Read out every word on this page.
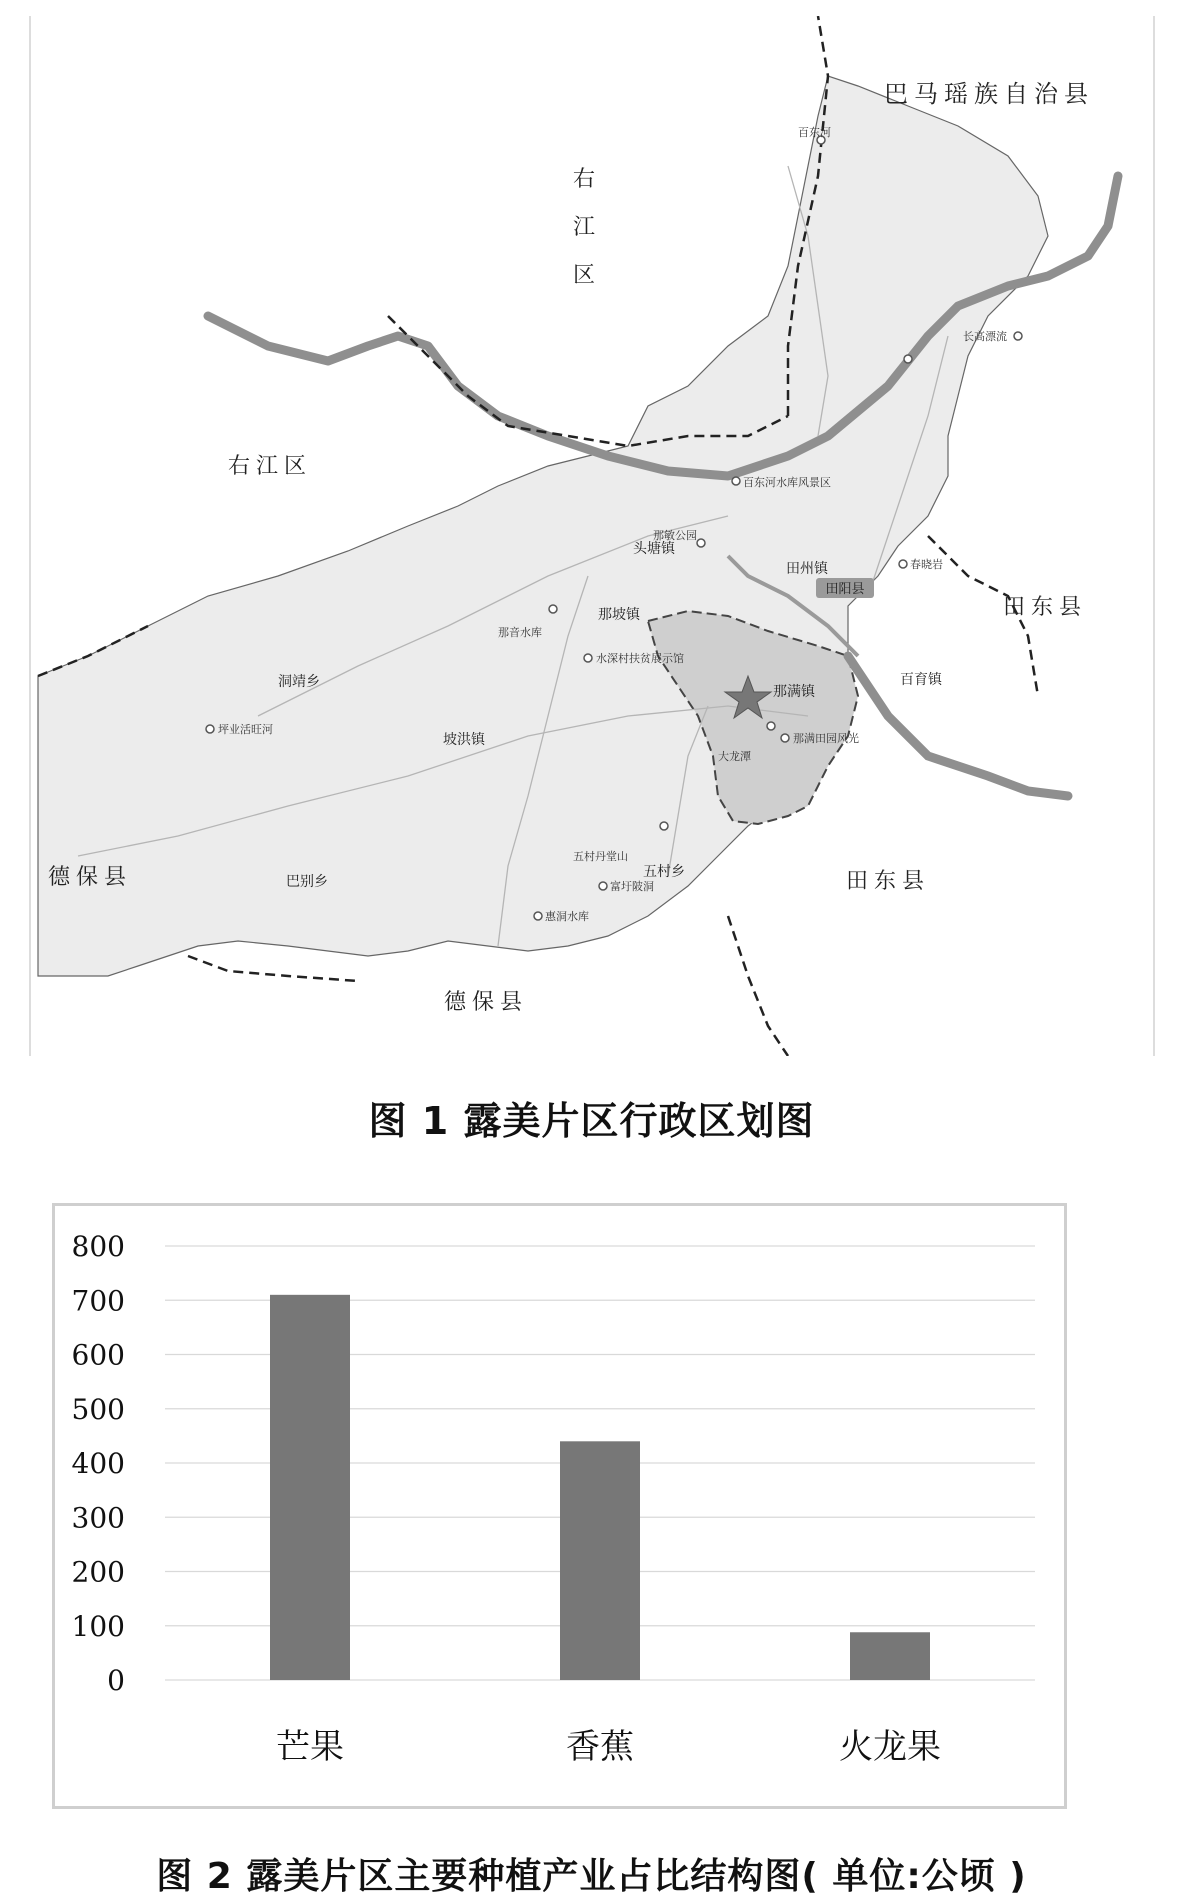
巴马瑶族自治县
右
江
区
右江区
田东县
田东县
德保县
德保县
头塘镇
田州镇
那坡镇
洞靖乡
坡洪镇
那满镇
百育镇
五村乡
巴别乡
田阳县
百东河
百东河水库风景区
那敏公园
春晓岩
长高漂流
那音水库
水深村扶贫展示馆
坪业活旺河
大龙潭
那满田园风光
五村丹堂山
富圩陂洞
惠洞水库
图 1 露美片区行政区划图
0
100
200
300
400
500
600
700
800
芒果	香蕉	火龙果
图 2 露美片区主要种植产业占比结构图( 单位:公顷 )
